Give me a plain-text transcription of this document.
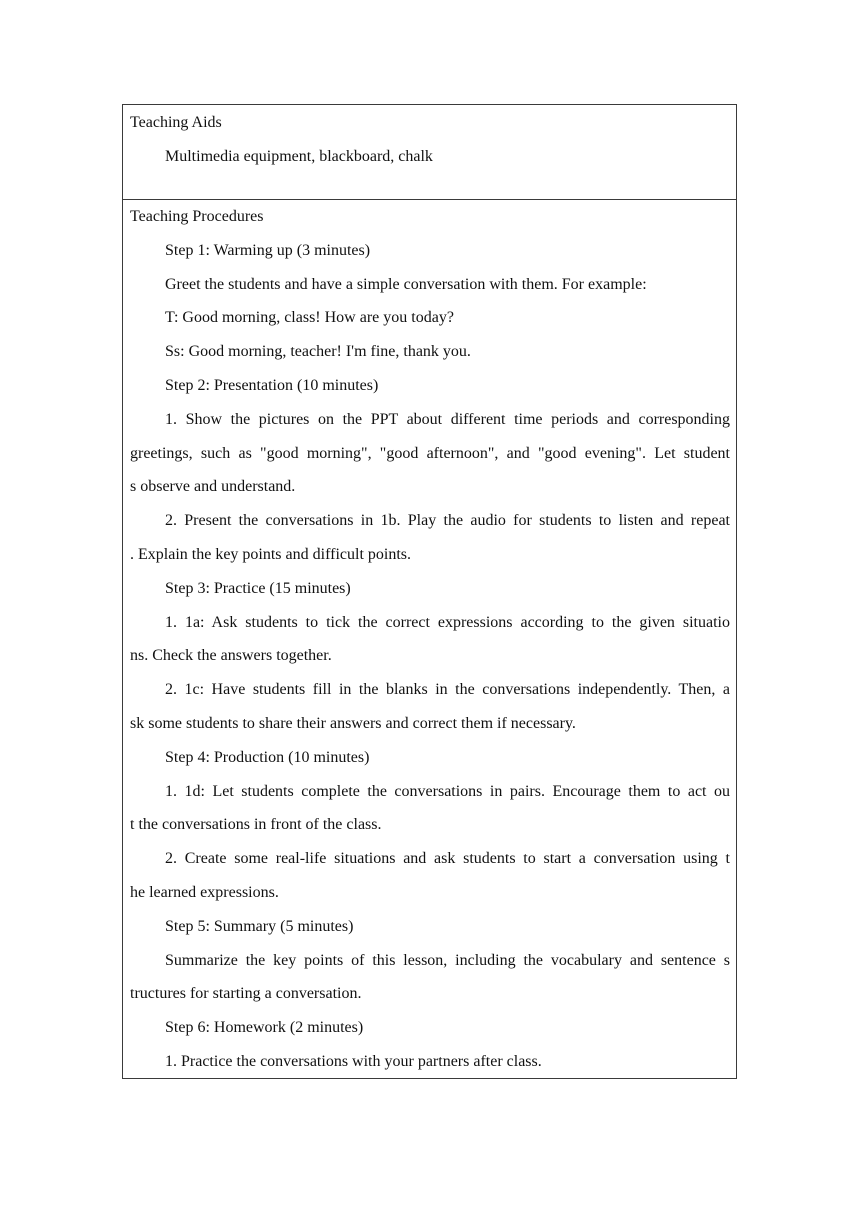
Teaching Aids
Multimedia equipment, blackboard, chalk
Teaching Procedures
Step 1: Warming up (3 minutes)
Greet the students and have a simple conversation with them. For example:
T: Good morning, class! How are you today?
Ss: Good morning, teacher! I'm fine, thank you.
Step 2: Presentation (10 minutes)
1. Show the pictures on the PPT about different time periods and corresponding
greetings, such as "good morning", "good afternoon", and "good evening". Let student
s observe and understand.
2. Present the conversations in 1b. Play the audio for students to listen and repeat
. Explain the key points and difficult points.
Step 3: Practice (15 minutes)
1. 1a: Ask students to tick the correct expressions according to the given situatio
ns. Check the answers together.
2. 1c: Have students fill in the blanks in the conversations independently. Then, a
sk some students to share their answers and correct them if necessary.
Step 4: Production (10 minutes)
1. 1d: Let students complete the conversations in pairs. Encourage them to act ou
t the conversations in front of the class.
2. Create some real-life situations and ask students to start a conversation using t
he learned expressions.
Step 5: Summary (5 minutes)
Summarize the key points of this lesson, including the vocabulary and sentence s
tructures for starting a conversation.
Step 6: Homework (2 minutes)
1. Practice the conversations with your partners after class.
